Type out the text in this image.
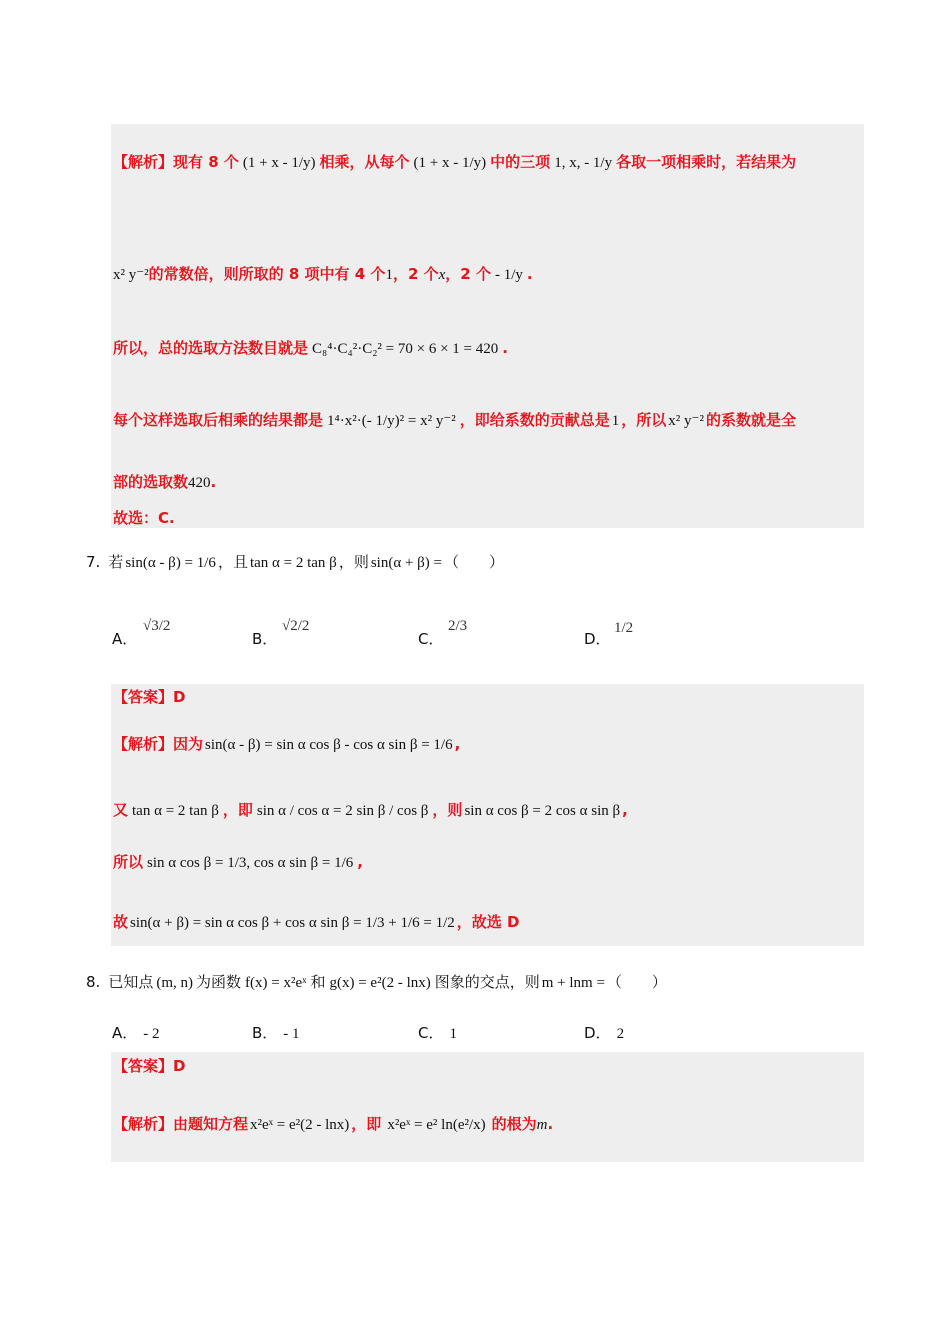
【解析】现有 8 个 (1 + x - 1/y) 相乘，从每个 (1 + x - 1/y) 中的三项 1, x, - 1/y 各取一项相乘时，若结果为
x² y⁻²的常数倍，则所取的 8 项中有 4 个1，2 个x，2 个 - 1/y .
所以，总的选取方法数目就是 C₈⁴·C₄²·C₂² = 70 × 6 × 1 = 420 .
每个这样选取后相乘的结果都是 1⁴·x²·(- 1/y)² = x² y⁻² ，即给系数的贡献总是 1 ，所以 x² y⁻² 的系数就是全
部的选取数420.
故选：C.
7. 若 sin(α - β) = 1/6 ，且 tan α = 2 tan β ，则 sin(α + β) = （　　）
A．
√3/2
B．
√2/2
C．
2/3
D．
1/2
【答案】D
【解析】因为 sin(α - β) = sin α cos β - cos α sin β = 1/6 ,
又 tan α = 2 tan β ，即 sin α / cos α = 2 sin β / cos β ，则 sin α cos β = 2 cos α sin β ,
所以 sin α cos β = 1/3, cos α sin β = 1/6 ,
故 sin(α + β) = sin α cos β + cos α sin β = 1/3 + 1/6 = 1/2 ，故选 D
8. 已知点 (m, n) 为函数 f(x) = x²eˣ 和 g(x) = e²(2 - lnx) 图象的交点，则 m + lnm = （　　）
A． - 2	B． - 1	C． 1	D． 2
【答案】D
【解析】由题知方程 x²eˣ = e²(2 - lnx) ，即 x²eˣ = e² ln(e²/x) 的根为m.
